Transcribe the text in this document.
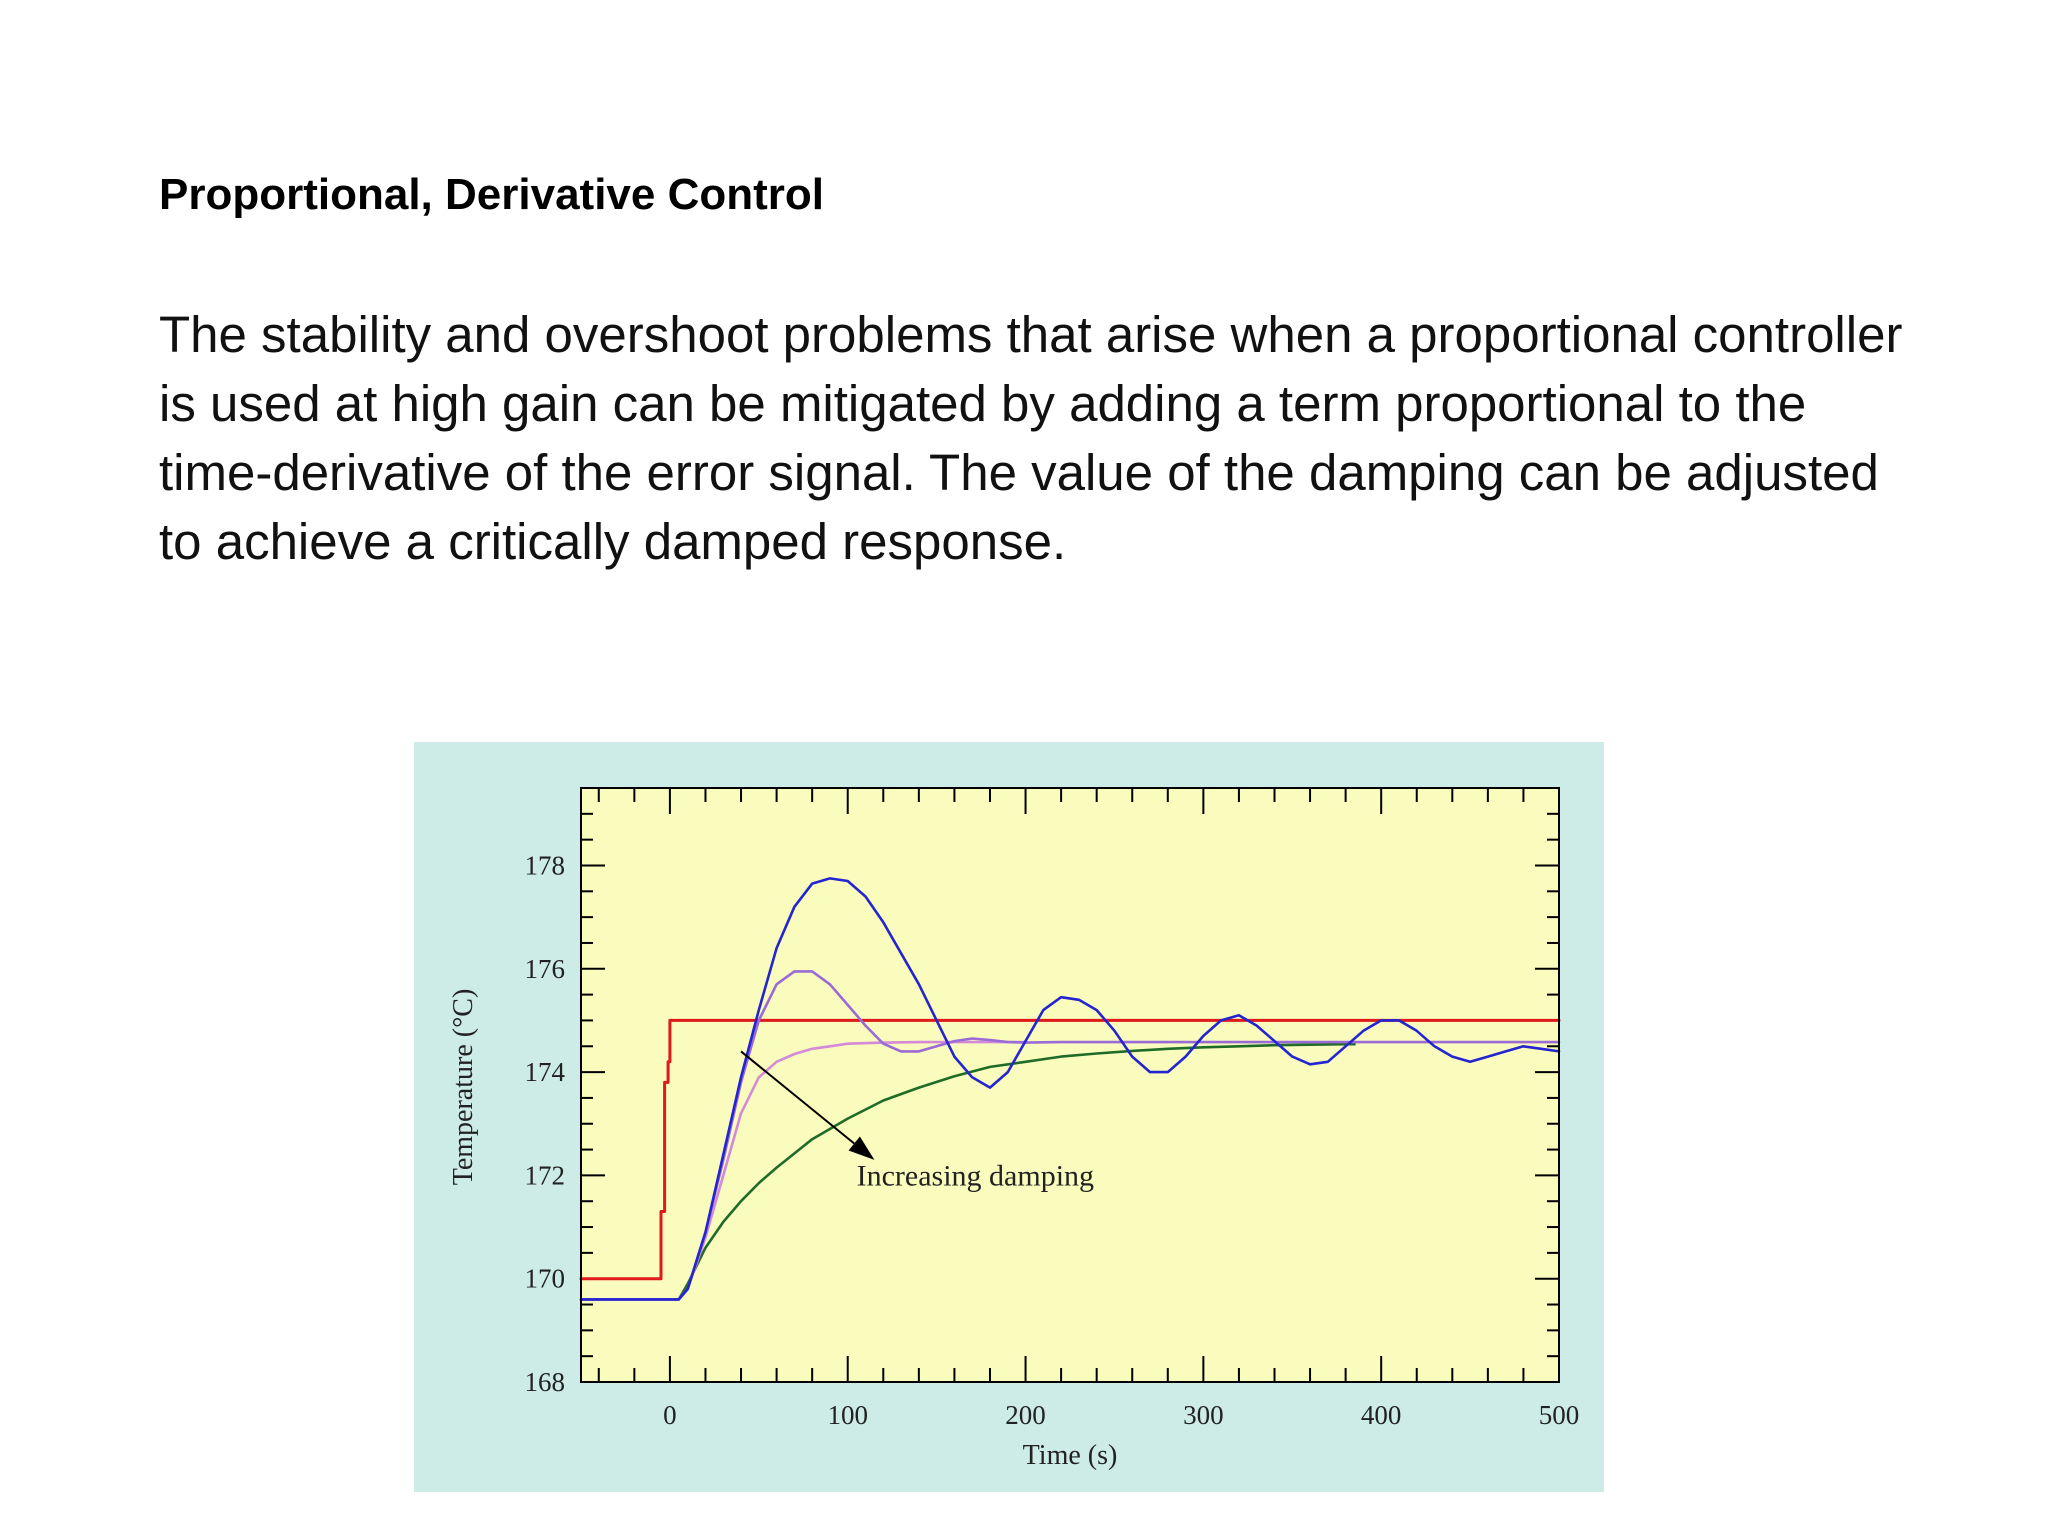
Proportional, Derivative Control
The stability and overshoot problems that arise when a proportional controller is used at high gain can be mitigated by adding a term proportional to the time-derivative of the error signal. The value of the damping can be adjusted to achieve a critically damped response.
0	100	200	300	400	500
168
170
172
174
176
178
Increasing damping
Time (s)
Temperature (°C)
